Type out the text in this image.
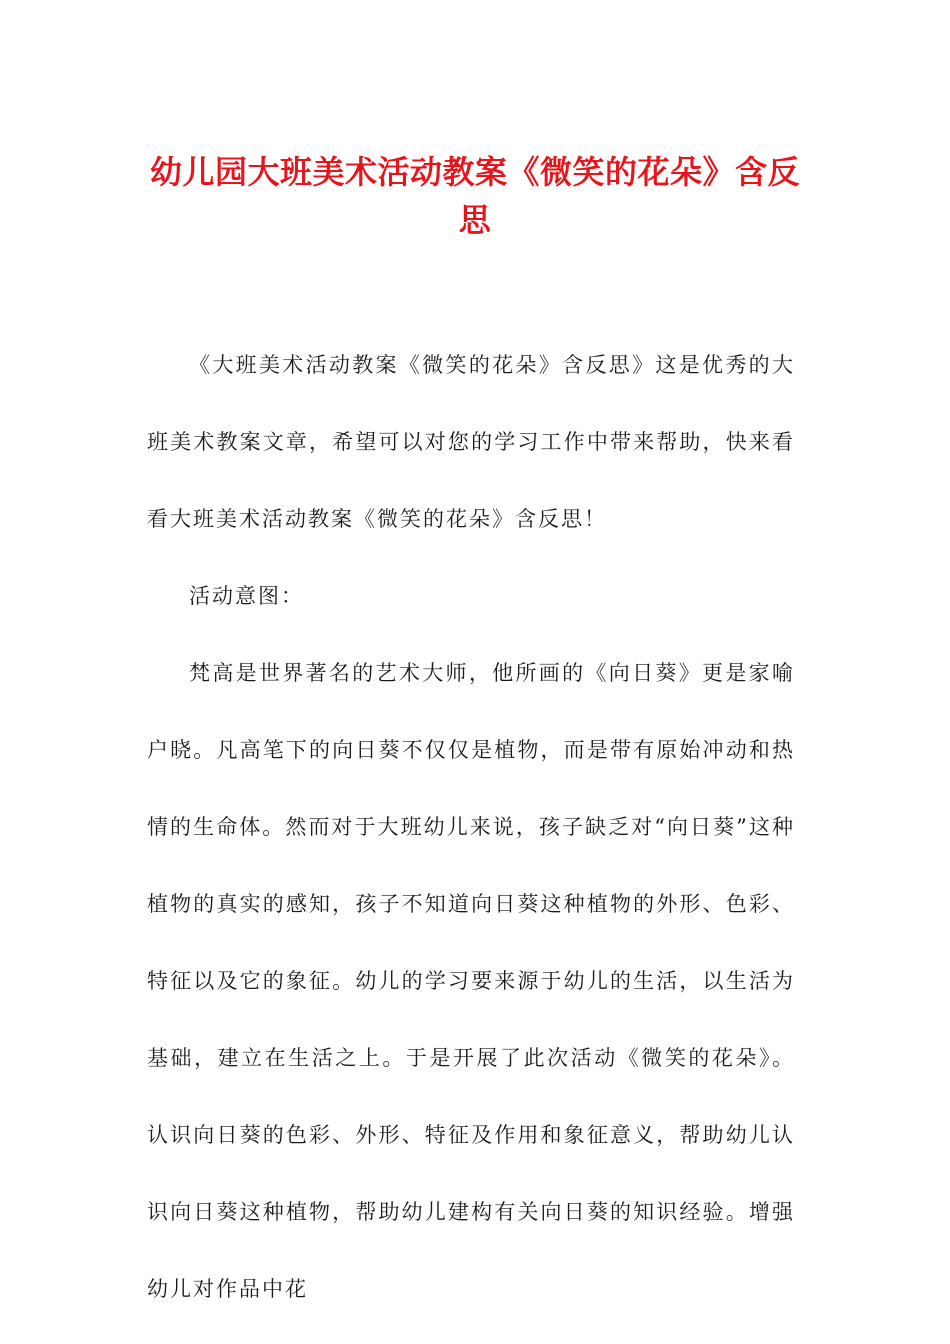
幼儿园大班美术活动教案《微笑的花朵》含反思

《大班美术活动教案《微笑的花朵》含反思》这是优秀的大班美术教案文章，希望可以对您的学习工作中带来帮助，快来看看大班美术活动教案《微笑的花朵》含反思！

活动意图：

梵高是世界著名的艺术大师，他所画的《向日葵》更是家喻户晓。凡高笔下的向日葵不仅仅是植物，而是带有原始冲动和热情的生命体。然而对于大班幼儿来说，孩子缺乏对“向日葵”这种植物的真实的感知，孩子不知道向日葵这种植物的外形、色彩、特征以及它的象征。幼儿的学习要来源于幼儿的生活，以生活为基础，建立在生活之上。于是开展了此次活动《微笑的花朵》。认识向日葵的色彩、外形、特征及作用和象征意义，帮助幼儿认识向日葵这种植物，帮助幼儿建构有关向日葵的知识经验。增强幼儿对作品中花
